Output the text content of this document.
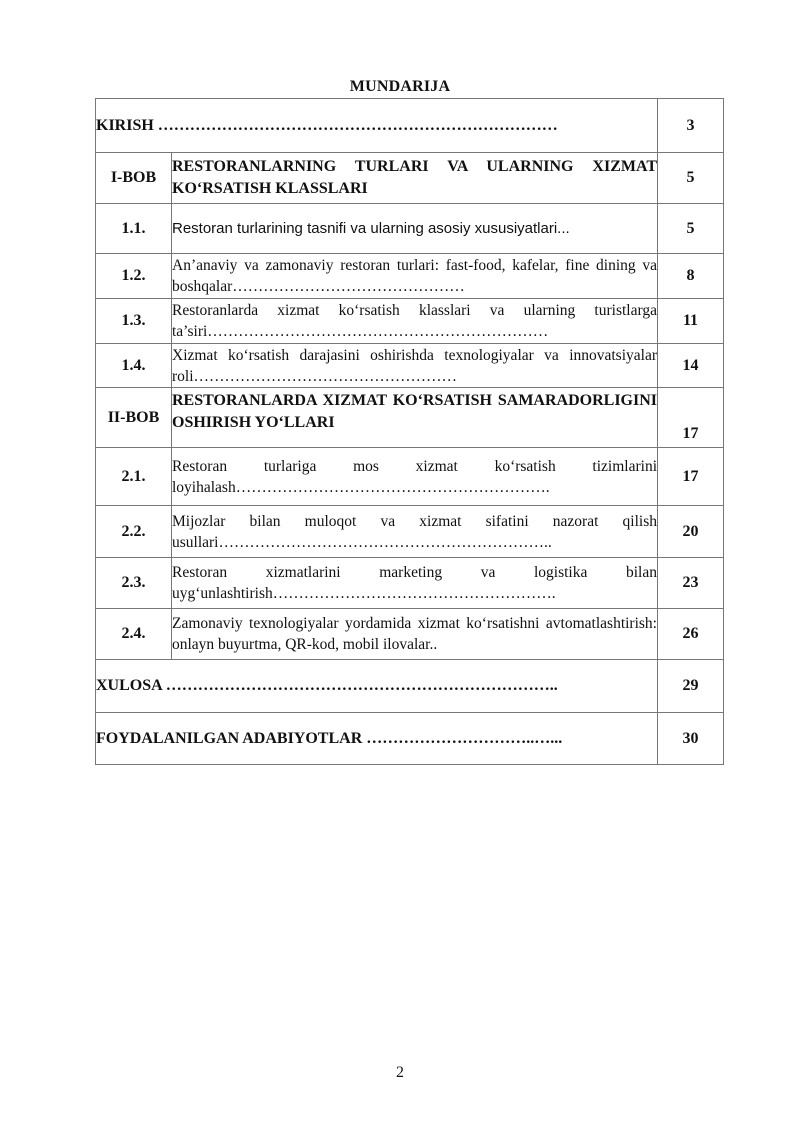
MUNDARIJA
KIRISH …………………………………………………………………		3
I-BOB	RESTORANLARNING TURLARI VA ULARNING XIZMAT KO‘RSATISH KLASSLARI	5
1.1.	Restoran turlarining tasnifi va ularning asosiy xususiyatlari...	5
1.2.	An’anaviy va zamonaviy restoran turlari: fast-food, kafelar, fine dining va boshqalar………………………………………	8
1.3.	Restoranlarda xizmat ko‘rsatish klasslari va ularning turistlarga ta’siri…………………………………………………………	11
1.4.	Xizmat ko‘rsatish darajasini oshirishda texnologiyalar va innovatsiyalar roli……………………………………………	14
II-BOB	RESTORANLARDA XIZMAT KO‘RSATISH SAMARADORLIGINI OSHIRISH YO‘LLARI	17
2.1.	Restoran turlariga mos xizmat ko‘rsatish tizimlarini loyihalash…………………………………………………….	17
2.2.	Mijozlar bilan muloqot va xizmat sifatini nazorat qilish usullari………………………………………………………..	20
2.3.	Restoran xizmatlarini marketing va logistika bilan uyg‘unlashtirish……………………………………………….	23
2.4.	Zamonaviy texnologiyalar yordamida xizmat ko‘rsatishni avtomatlashtirish: onlayn buyurtma, QR-kod, mobil ilovalar..	26
XULOSA ………………………………………………………………..		29
FOYDALANILGAN ADABIYOTLAR …………………………..…...		30
2
